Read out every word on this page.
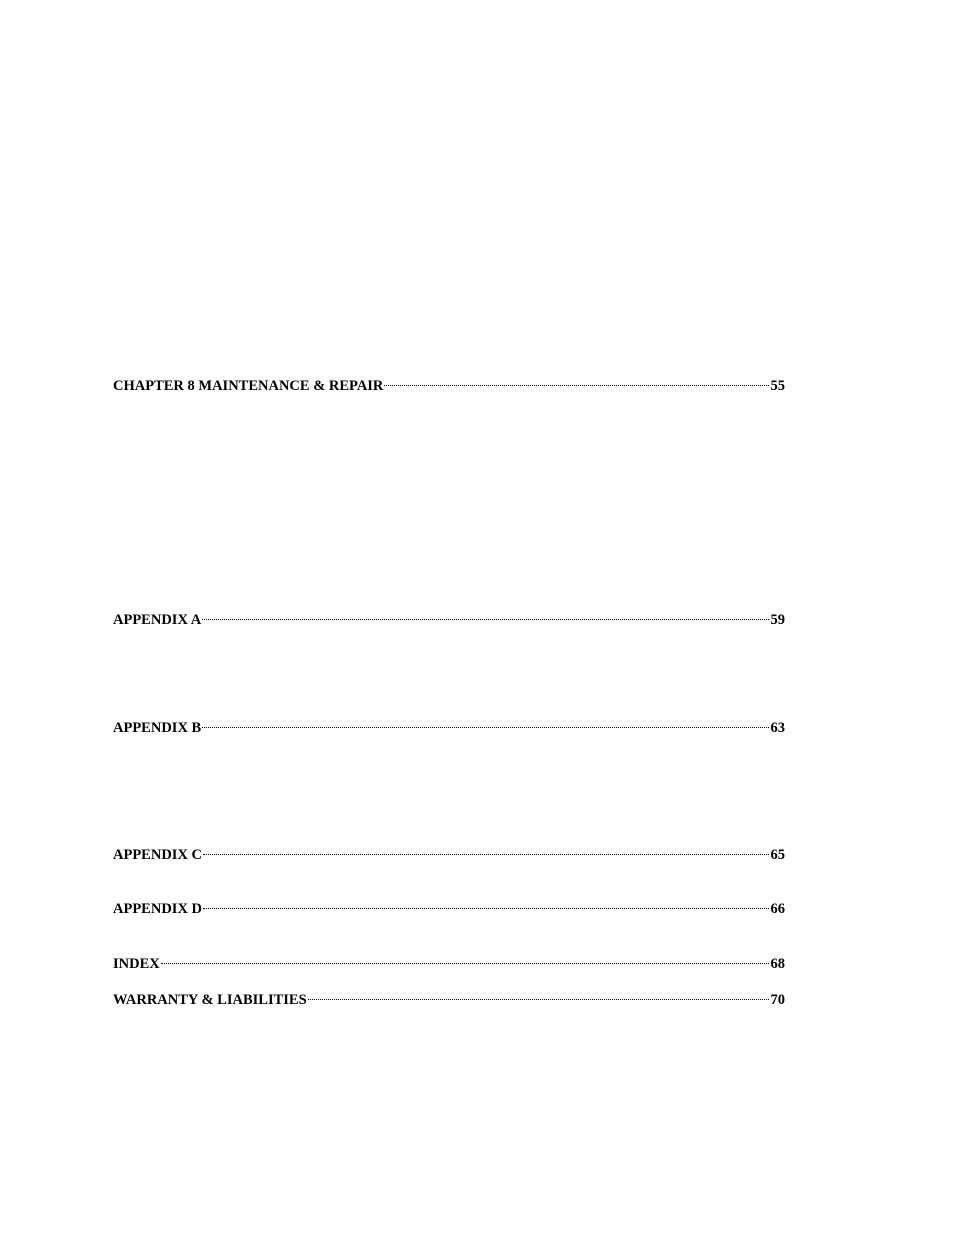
CHAPTER 8 MAINTENANCE & REPAIR	55
APPENDIX A	59
APPENDIX B	63
APPENDIX C	65
APPENDIX D	66
INDEX	68
WARRANTY & LIABILITIES	70
